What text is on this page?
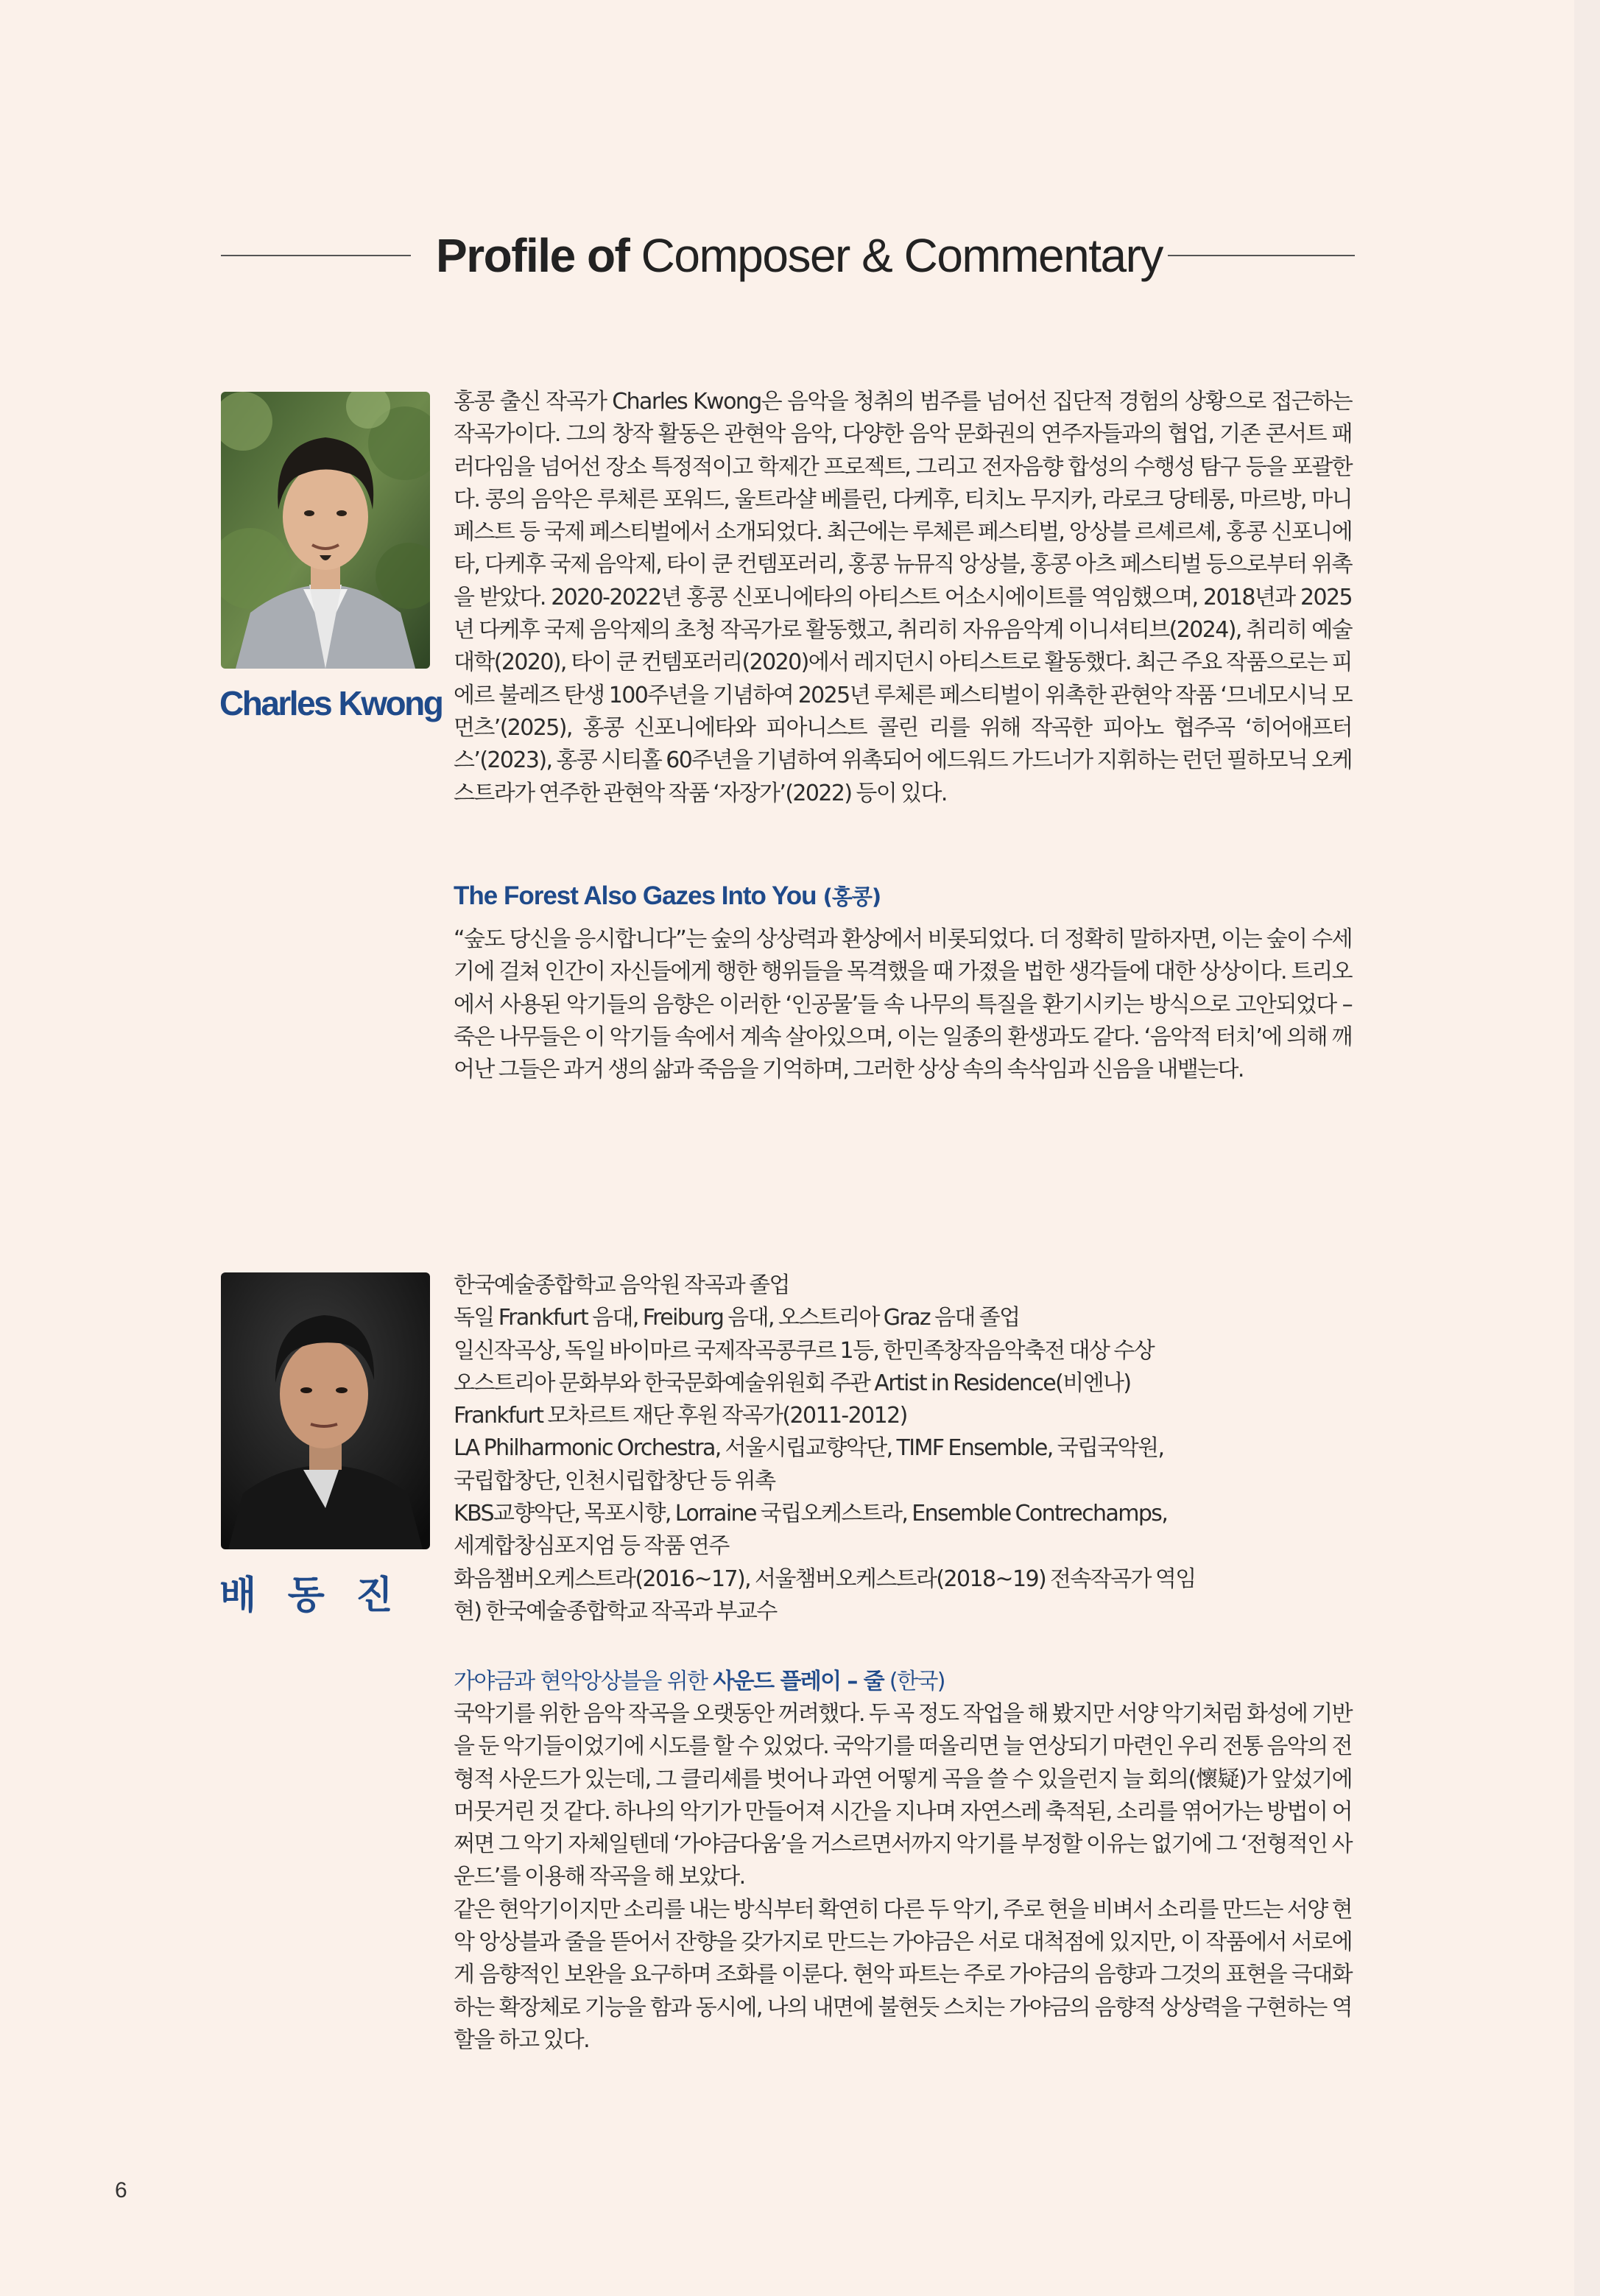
Profile of Composer & Commentary
Charles Kwong

홍콩 출신 작곡가 Charles Kwong은 음악을 청취의 범주를 넘어선 집단적 경험의 상황으로 접근하는 작곡가이다. 그의 창작 활동은 관현악 음악, 다양한 음악 문화권의 연주자들과의 협업, 기존 콘서트 패러다임을 넘어선 장소 특정적이고 학제간 프로젝트, 그리고 전자음향 합성의 수행성 탐구 등을 포괄한다. 콩의 음악은 루체른 포워드, 울트라샬 베를린, 다케후, 티치노 무지카, 라로크 당테롱, 마르방, 마니페스트 등 국제 페스티벌에서 소개되었다. 최근에는 루체른 페스티벌, 앙상블 르셰르셰, 홍콩 신포니에타, 다케후 국제 음악제, 타이 쿤 컨템포러리, 홍콩 뉴뮤직 앙상블, 홍콩 아츠 페스티벌 등으로부터 위촉을 받았다. 2020-2022년 홍콩 신포니에타의 아티스트 어소시에이트를 역임했으며, 2018년과 2025년 다케후 국제 음악제의 초청 작곡가로 활동했고, 취리히 자유음악계 이니셔티브(2024), 취리히 예술대학(2020), 타이 쿤 컨템포러리(2020)에서 레지던시 아티스트로 활동했다. 최근 주요 작품으로는 피에르 불레즈 탄생 100주년을 기념하여 2025년 루체른 페스티벌이 위촉한 관현악 작품 ‘므네모시닉 모먼츠’(2025), 홍콩 신포니에타와 피아니스트 콜린 리를 위해 작곡한 피아노 협주곡 ‘히어애프터스’(2023), 홍콩 시티홀 60주년을 기념하여 위촉되어 에드워드 가드너가 지휘하는 런던 필하모닉 오케스트라가 연주한 관현악 작품 ‘자장가’(2022) 등이 있다.

The Forest Also Gazes Into You (홍콩)

“숲도 당신을 응시합니다”는 숲의 상상력과 환상에서 비롯되었다. 더 정확히 말하자면, 이는 숲이 수세기에 걸쳐 인간이 자신들에게 행한 행위들을 목격했을 때 가졌을 법한 생각들에 대한 상상이다. 트리오에서 사용된 악기들의 음향은 이러한 ‘인공물’들 속 나무의 특질을 환기시키는 방식으로 고안되었다 – 죽은 나무들은 이 악기들 속에서 계속 살아있으며, 이는 일종의 환생과도 같다. ‘음악적 터치’에 의해 깨어난 그들은 과거 생의 삶과 죽음을 기억하며, 그러한 상상 속의 속삭임과 신음을 내뱉는다.

배 동 진
한국예술종합학교 음악원 작곡과 졸업
독일 Frankfurt 음대, Freiburg 음대, 오스트리아 Graz 음대 졸업
일신작곡상, 독일 바이마르 국제작곡콩쿠르 1등, 한민족창작음악축전 대상 수상
오스트리아 문화부와 한국문화예술위원회 주관 Artist in Residence(비엔나)
Frankfurt 모차르트 재단 후원 작곡가(2011-2012)
LA Philharmonic Orchestra, 서울시립교향악단, TIMF Ensemble, 국립국악원,
국립합창단, 인천시립합창단 등 위촉
KBS교향악단, 목포시향, Lorraine 국립오케스트라, Ensemble Contrechamps,
세계합창심포지엄 등 작품 연주
화음챔버오케스트라(2016~17), 서울챔버오케스트라(2018~19) 전속작곡가 역임
현) 한국예술종합학교 작곡과 부교수
가야금과 현악앙상블을 위한 사운드 플레이 – 줄 (한국)

국악기를 위한 음악 작곡을 오랫동안 꺼려했다. 두 곡 정도 작업을 해 봤지만 서양 악기처럼 화성에 기반을 둔 악기들이었기에 시도를 할 수 있었다. 국악기를 떠올리면 늘 연상되기 마련인 우리 전통 음악의 전형적 사운드가 있는데, 그 클리셰를 벗어나 과연 어떻게 곡을 쓸 수 있을런지 늘 회의(懷疑)가 앞섰기에 머뭇거린 것 같다. 하나의 악기가 만들어져 시간을 지나며 자연스레 축적된, 소리를 엮어가는 방법이 어쩌면 그 악기 자체일텐데 ‘가야금다움’을 거스르면서까지 악기를 부정할 이유는 없기에 그 ‘전형적인 사운드’를 이용해 작곡을 해 보았다.

같은 현악기이지만 소리를 내는 방식부터 확연히 다른 두 악기, 주로 현을 비벼서 소리를 만드는 서양 현악 앙상블과 줄을 뜯어서 잔향을 갖가지로 만드는 가야금은 서로 대척점에 있지만, 이 작품에서 서로에게 음향적인 보완을 요구하며 조화를 이룬다. 현악 파트는 주로 가야금의 음향과 그것의 표현을 극대화하는 확장체로 기능을 함과 동시에, 나의 내면에 불현듯 스치는 가야금의 음향적 상상력을 구현하는 역할을 하고 있다.

6
